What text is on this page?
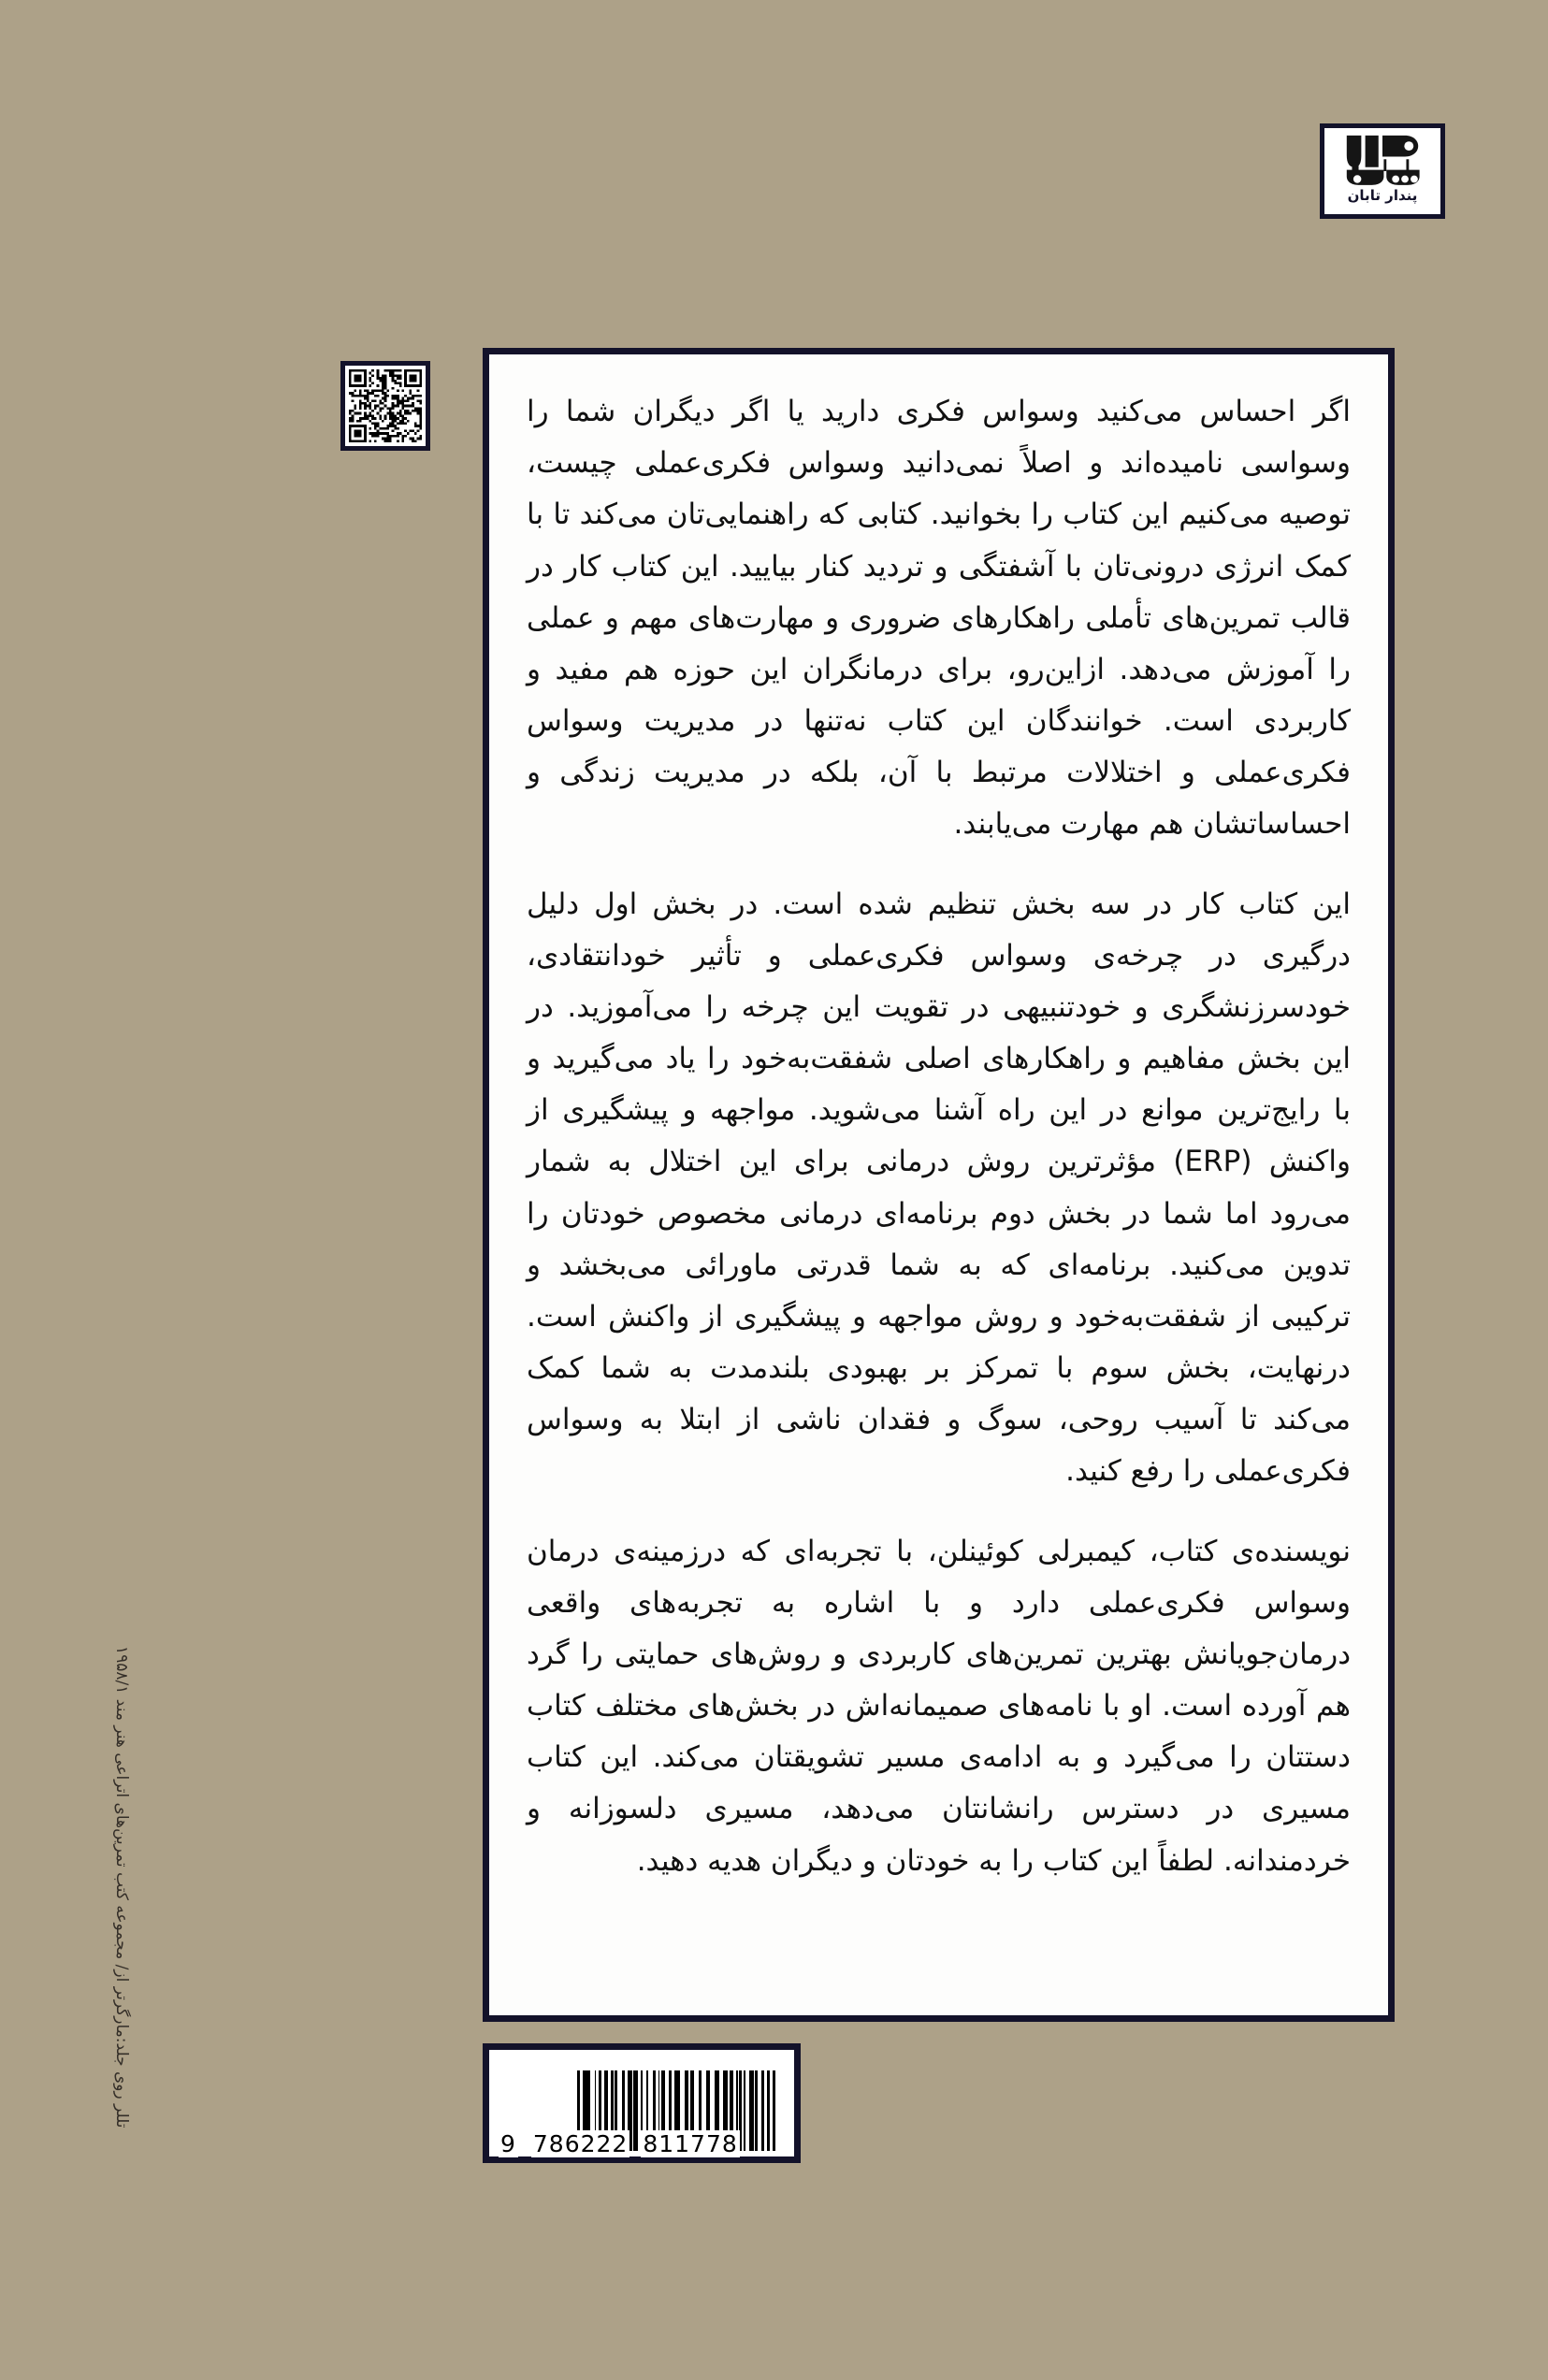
پندار تابان

اگر احساس می‌کنید وسواس فکری دارید یا اگر دیگران شما را وسواسی نامیده‌اند و اصلاً نمی‌دانید وسواس فکری‌عملی چیست، توصیه می‌کنیم این کتاب را بخوانید. کتابی که راهنمایی‌تان می‌کند تا با کمک انرژی درونی‌تان با آشفتگی و تردید کنار بیایید. این کتاب کار در قالب تمرین‌های تأملی راهکارهای ضروری و مهارت‌های مهم و عملی را آموزش می‌دهد. ازاین‌رو، برای درمانگران این حوزه هم مفید و کاربردی است. خوانندگان این کتاب نه‌تنها در مدیریت وسواس فکری‌عملی و اختلالات مرتبط با آن، بلکه در مدیریت زندگی و احساساتشان هم مهارت می‌یابند.

این کتاب کار در سه بخش تنظیم شده است. در بخش اول دلیل درگیری در چرخه‌ی وسواس فکری‌عملی و تأثیر خودانتقادی، خودسرزنشگری و خودتنبیهی در تقویت این چرخه را می‌آموزید. در این بخش مفاهیم و راهکارهای اصلی شفقت‌به‌خود را یاد می‌گیرید و با رایج‌ترین موانع در این راه آشنا می‌شوید. مواجهه و پیشگیری از واکنش (ERP) مؤثرترین روش درمانی برای این اختلال به شمار می‌رود اما شما در بخش دوم برنامه‌ای درمانی مخصوص خودتان را تدوین می‌کنید. برنامه‌ای که به شما قدرتی ماورائی می‌بخشد و ترکیبی از شفقت‌به‌خود و روش مواجهه و پیشگیری از واکنش است. درنهایت، بخش سوم با تمرکز بر بهبودی بلندمدت به شما کمک می‌کند تا آسیب روحی، سوگ و فقدان ناشی از ابتلا به وسواس فکری‌عملی را رفع کنید.

نویسنده‌ی کتاب، کیمبرلی کوئینلن، با تجربه‌ای که درزمینه‌ی درمان وسواس فکری‌عملی دارد و با اشاره به تجربه‌های واقعی درمان‌جویانش بهترین تمرین‌های کاربردی و روش‌های حمایتی را گرد هم آورده است. او با نامه‌های صمیمانه‌اش در بخش‌های مختلف کتاب دستتان را می‌گیرد و به ادامه‌ی مسیر تشویقتان می‌کند. این کتاب مسیری در دسترس رانشانتان می‌دهد، مسیری دلسوزانه و خردمندانه. لطفاً این کتاب را به خودتان و دیگران هدیه دهید.

9 786222 811778
تللر روی جلد:مارگرتر از/ مجموعه کتب تمرین‌های اتراعی هنر مند ۱۹۵۸/۱
